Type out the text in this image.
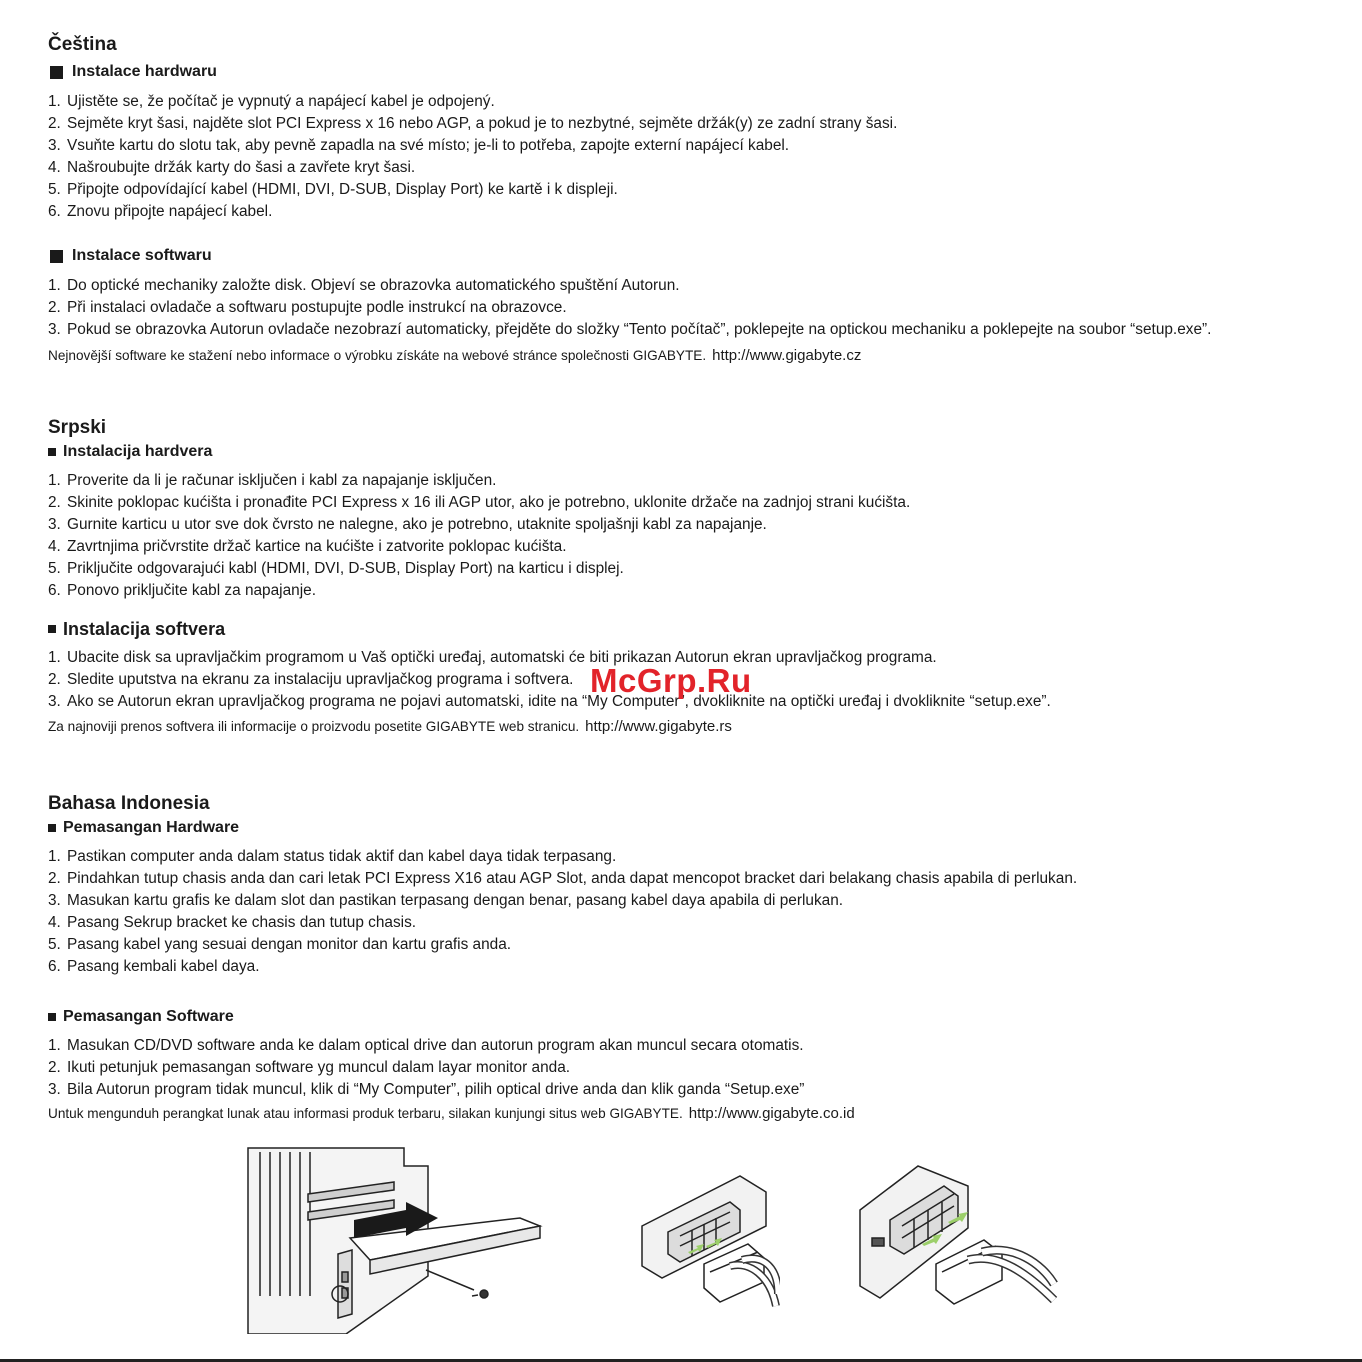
Čeština
Instalace hardwaru
1. Ujistěte se, že počítač je vypnutý a napájecí kabel je odpojený.
2. Sejměte kryt šasi, najděte slot PCI Express x 16 nebo AGP, a pokud je to nezbytné, sejměte držák(y) ze zadní strany šasi.
3. Vsuňte kartu do slotu tak, aby pevně zapadla na své místo; je-li to potřeba, zapojte externí napájecí kabel.
4. Našroubujte držák karty do šasi a zavřete kryt šasi.
5. Připojte odpovídající kabel (HDMI, DVI, D-SUB, Display Port) ke kartě i k displeji.
6. Znovu připojte napájecí kabel.
Instalace softwaru
1. Do optické mechaniky založte disk. Objeví se obrazovka automatického spuštění Autorun.
2. Při instalaci ovladače a softwaru postupujte podle instrukcí na obrazovce.
3. Pokud se obrazovka Autorun ovladače nezobrazí automaticky, přejděte do složky “Tento počítač”, poklepejte na optickou mechaniku a poklepejte na soubor “setup.exe”.

Nejnovější software ke stažení nebo informace o výrobku získáte na webové stránce společnosti GIGABYTE. http://www.gigabyte.cz

Srpski
Instalacija hardvera
1. Proverite da li je računar isključen i kabl za napajanje isključen.
2. Skinite poklopac kućišta i pronađite PCI Express x 16 ili AGP utor, ako je potrebno, uklonite držače na zadnjoj strani kućišta.
3. Gurnite karticu u utor sve dok čvrsto ne nalegne, ako je potrebno, utaknite spoljašnji kabl za napajanje.
4. Zavrtnjima pričvrstite držač kartice na kućište i zatvorite poklopac kućišta.
5. Priključite odgovarajući kabl (HDMI, DVI, D-SUB, Display Port) na karticu i displej.
6. Ponovo priključite kabl za napajanje.
Instalacija softvera
1. Ubacite disk sa upravljačkim programom u Vaš optički uređaj, automatski će biti prikazan Autorun ekran upravljačkog programa.
2. Sledite uputstva na ekranu za instalaciju upravljačkog programa i softvera.
3. Ako se Autorun ekran upravljačkog programa ne pojavi automatski, idite na “My Computer”, dvokliknite na optički uređaj i dvokliknite “setup.exe”.

Za najnoviji prenos softvera ili informacije o proizvodu posetite GIGABYTE web stranicu. http://www.gigabyte.rs

Bahasa Indonesia
Pemasangan Hardware
1. Pastikan computer anda dalam status tidak aktif dan kabel daya tidak terpasang.
2. Pindahkan tutup chasis anda dan cari letak PCI Express X16 atau AGP Slot, anda dapat mencopot bracket dari belakang chasis apabila di perlukan.
3. Masukan kartu grafis ke dalam slot dan pastikan terpasang dengan benar, pasang kabel daya apabila di perlukan.
4. Pasang Sekrup bracket ke chasis dan tutup chasis.
5. Pasang kabel yang sesuai dengan monitor dan kartu grafis anda.
6. Pasang kembali kabel daya.
Pemasangan Software
1. Masukan CD/DVD software anda ke dalam optical drive dan autorun program akan muncul secara otomatis.
2. Ikuti petunjuk pemasangan software yg muncul dalam layar monitor anda.
3. Bila Autorun program tidak muncul, klik di “My Computer”, pilih optical drive anda dan klik ganda “Setup.exe”

Untuk mengunduh perangkat lunak atau informasi produk terbaru, silakan kunjungi situs web GIGABYTE. http://www.gigabyte.co.id

McGrp.Ru
